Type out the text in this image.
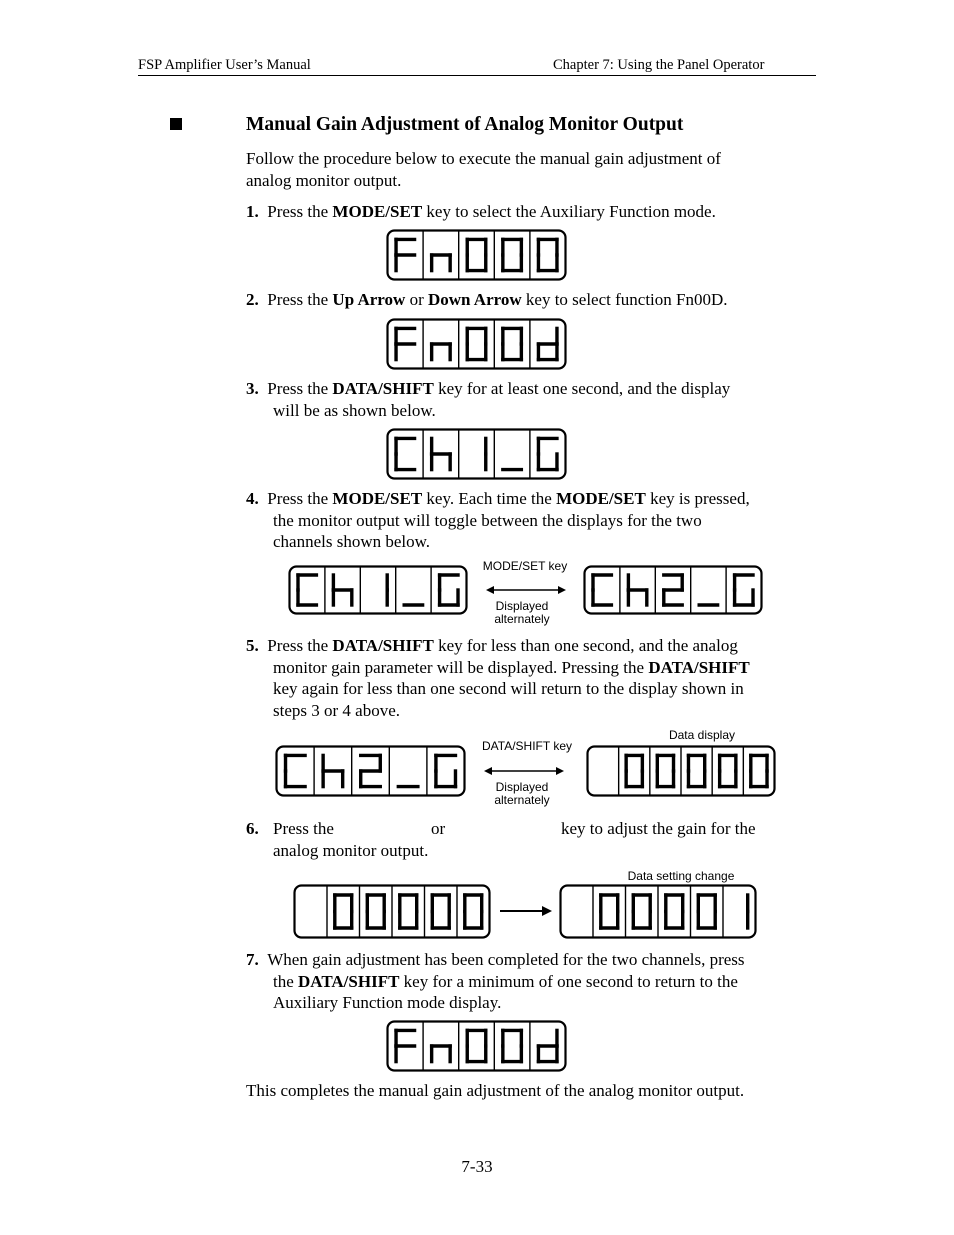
FSP Amplifier User’s Manual	Chapter 7: Using the Panel Operator
Manual Gain Adjustment of Analog Monitor Output
Follow the procedure below to execute the manual gain adjustment of
analog monitor output.
1. Press the MODE/SET key to select the Auxiliary Function mode.
2. Press the Up Arrow or Down Arrow key to select function Fn00D.
3. Press the DATA/SHIFT key for at least one second, and the display
will be as shown below.
4. Press the MODE/SET key. Each time the MODE/SET key is pressed,
the monitor output will toggle between the displays for the two
channels shown below.
MODE/SET key
Displayed
alternately
5. Press the DATA/SHIFT key for less than one second, and the analog
monitor gain parameter will be displayed. Pressing the DATA/SHIFT
key again for less than one second will return to the display shown in
steps 3 or 4 above.
DATA/SHIFT key
Displayed
alternately
Data display
6. Press the	or	key to adjust the gain for the
analog monitor output.
Data setting change
7. When gain adjustment has been completed for the two channels, press
the DATA/SHIFT key for a minimum of one second to return to the
Auxiliary Function mode display.
This completes the manual gain adjustment of the analog monitor output.
7-33
